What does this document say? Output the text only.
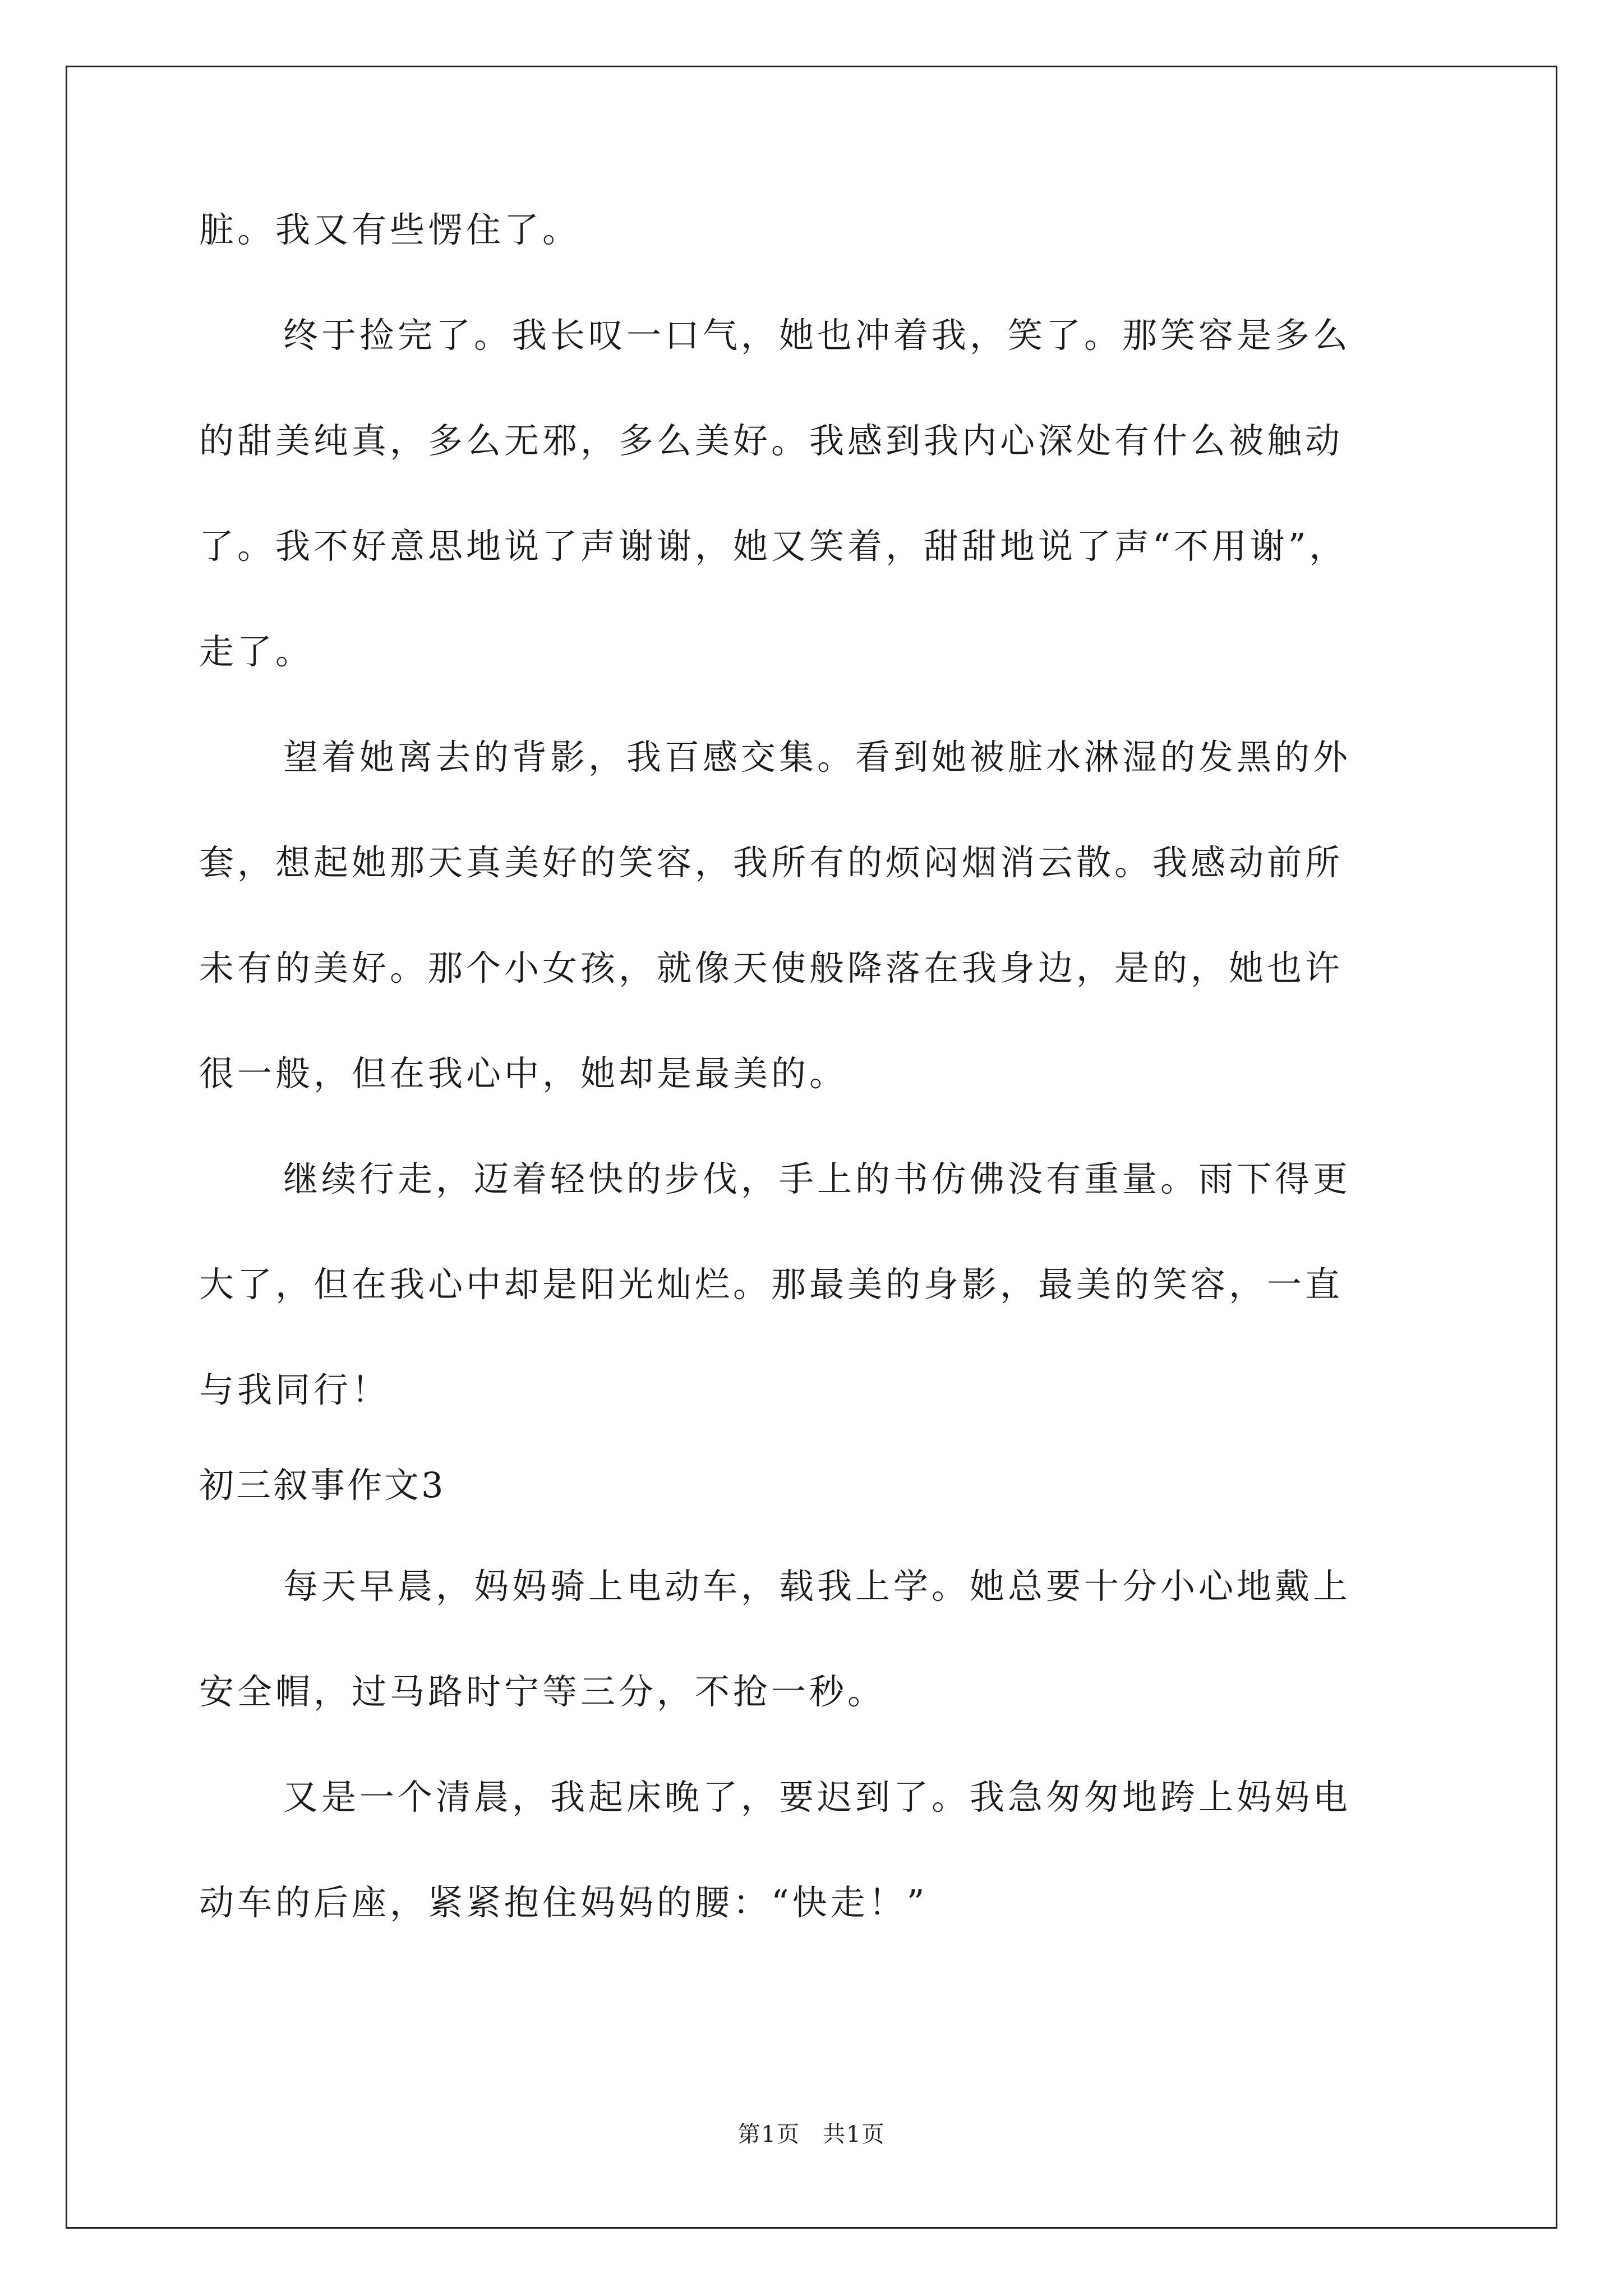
脏。我又有些愣住了。
终于捡完了。我长叹一口气，她也冲着我，笑了。那笑容是多么
的甜美纯真，多么无邪，多么美好。我感到我内心深处有什么被触动
了。我不好意思地说了声谢谢，她又笑着，甜甜地说了声“不用谢”，
走了。
望着她离去的背影，我百感交集。看到她被脏水淋湿的发黑的外
套，想起她那天真美好的笑容，我所有的烦闷烟消云散。我感动前所
未有的美好。那个小女孩，就像天使般降落在我身边，是的，她也许
很一般，但在我心中，她却是最美的。
继续行走，迈着轻快的步伐，手上的书仿佛没有重量。雨下得更
大了，但在我心中却是阳光灿烂。那最美的身影，最美的笑容，一直
与我同行！
初三叙事作文3
每天早晨，妈妈骑上电动车，载我上学。她总要十分小心地戴上
安全帽，过马路时宁等三分，不抢一秒。
又是一个清晨，我起床晚了，要迟到了。我急匆匆地跨上妈妈电
动车的后座，紧紧抱住妈妈的腰：“快走！”
第1页 共1页
